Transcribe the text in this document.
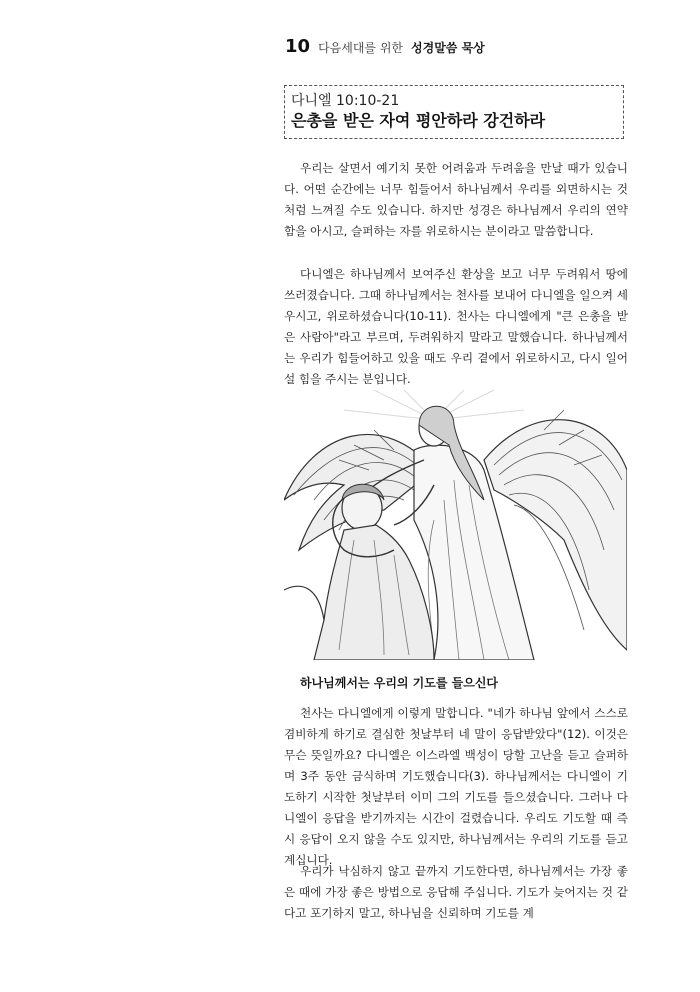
10 다음세대를 위한 성경말씀 묵상
다니엘 10:10-21
은총을 받은 자여 평안하라 강건하라

우리는 살면서 예기치 못한 어려움과 두려움을 만날 때가 있습니다. 어떤 순간에는 너무 힘들어서 하나님께서 우리를 외면하시는 것처럼 느껴질 수도 있습니다. 하지만 성경은 하나님께서 우리의 연약함을 아시고, 슬퍼하는 자를 위로하시는 분이라고 말씀합니다.

다니엘은 하나님께서 보여주신 환상을 보고 너무 두려워서 땅에 쓰러졌습니다. 그때 하나님께서는 천사를 보내어 다니엘을 일으켜 세우시고, 위로하셨습니다(10-11). 천사는 다니엘에게 "큰 은총을 받은 사람아"라고 부르며, 두려워하지 말라고 말했습니다. 하나님께서는 우리가 힘들어하고 있을 때도 우리 곁에서 위로하시고, 다시 일어설 힘을 주시는 분입니다.

하나님께서는 우리의 기도를 들으신다

천사는 다니엘에게 이렇게 말합니다. "네가 하나님 앞에서 스스로 겸비하게 하기로 결심한 첫날부터 네 말이 응답받았다"(12). 이것은 무슨 뜻일까요? 다니엘은 이스라엘 백성이 당할 고난을 듣고 슬퍼하며 3주 동안 금식하며 기도했습니다(3). 하나님께서는 다니엘이 기도하기 시작한 첫날부터 이미 그의 기도를 들으셨습니다. 그러나 다니엘이 응답을 받기까지는 시간이 걸렸습니다. 우리도 기도할 때 즉시 응답이 오지 않을 수도 있지만, 하나님께서는 우리의 기도를 듣고 계십니다.

우리가 낙심하지 않고 끝까지 기도한다면, 하나님께서는 가장 좋은 때에 가장 좋은 방법으로 응답해 주십니다. 기도가 늦어지는 것 같다고 포기하지 말고, 하나님을 신뢰하며 기도를 계
